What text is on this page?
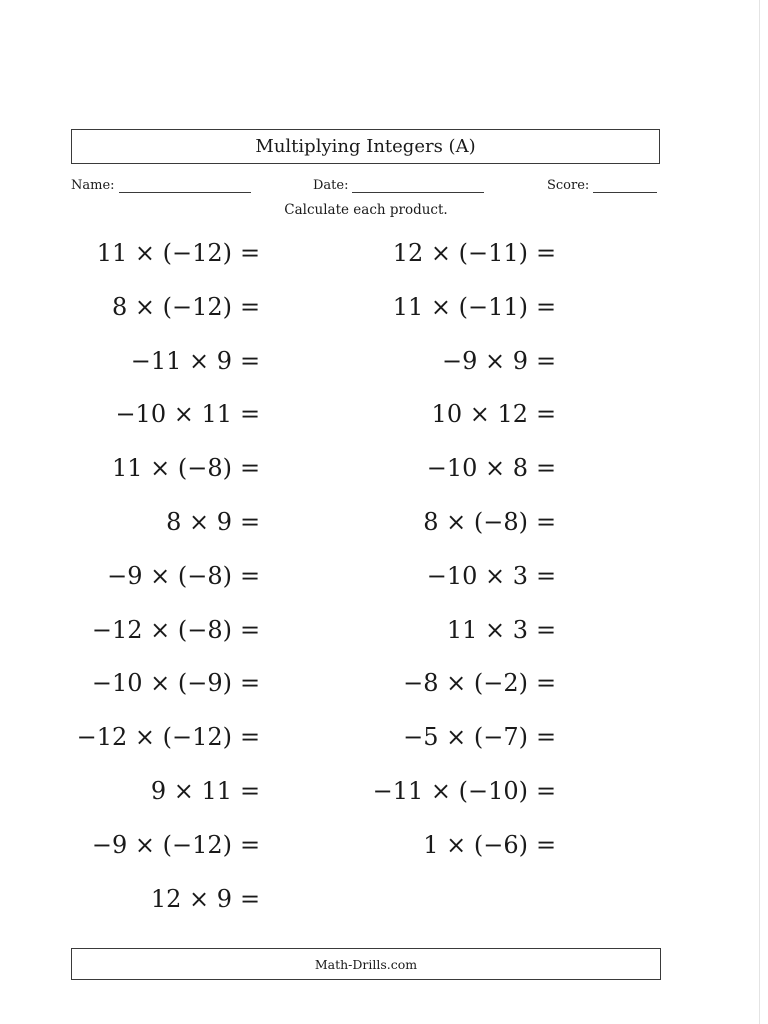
Multiplying Integers (A)
Name:	Date:	Score:
Calculate each product.
11 × (−12) =
8 × (−12) =
−11 × 9 =
−10 × 11 =
11 × (−8) =
8 × 9 =
−9 × (−8) =
−12 × (−8) =
−10 × (−9) =
−12 × (−12) =
9 × 11 =
−9 × (−12) =
12 × 9 =
12 × (−11) =
11 × (−11) =
−9 × 9 =
10 × 12 =
−10 × 8 =
8 × (−8) =
−10 × 3 =
11 × 3 =
−8 × (−2) =
−5 × (−7) =
−11 × (−10) =
1 × (−6) =
Math-Drills.com
